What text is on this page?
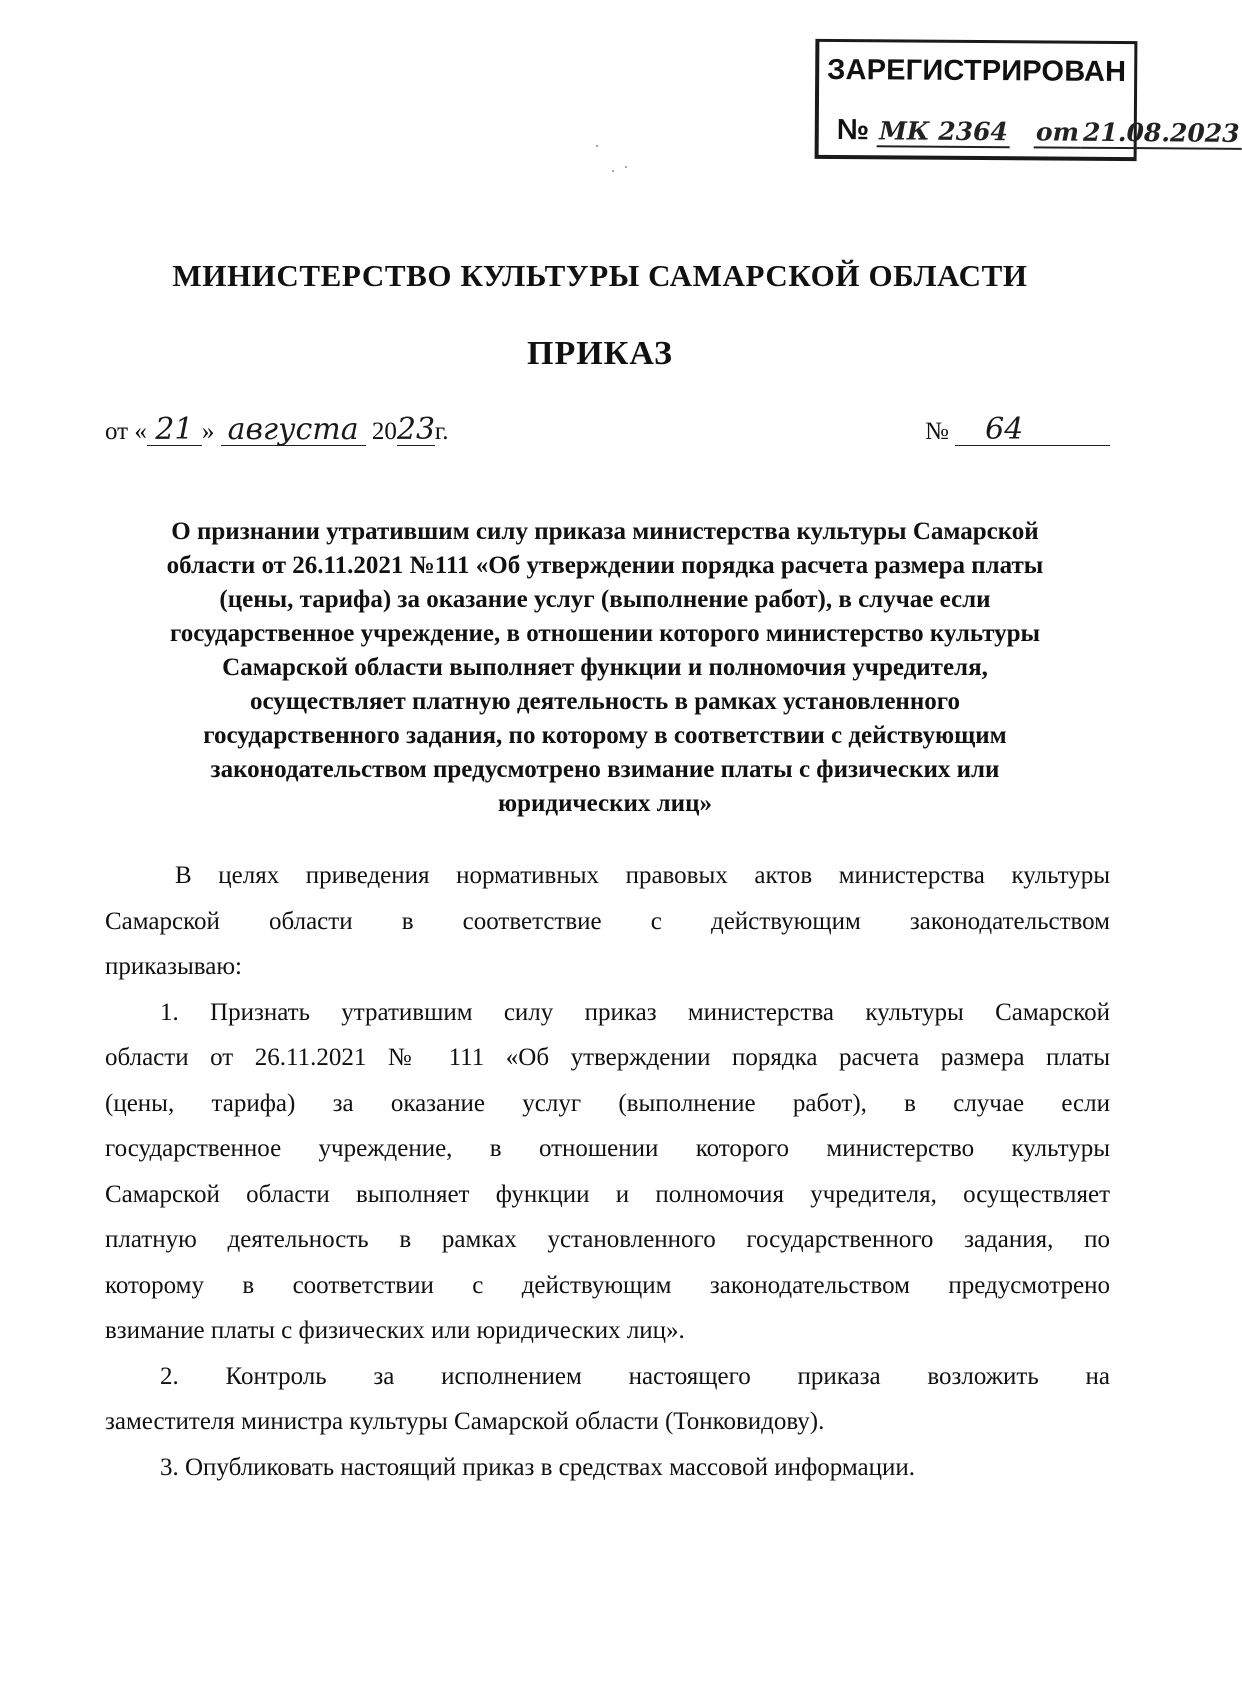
ЗАРЕГИСТРИРОВАН
№ МК 2364 от 21.08.2023
МИНИСТЕРСТВО КУЛЬТУРЫ САМАРСКОЙ ОБЛАСТИ
ПРИКАЗ
от « 21 » августа 2023г.	№ 64
О признании утратившим силу приказа министерства культуры Самарской
области от 26.11.2021 №111 «Об утверждении порядка расчета размера платы
(цены, тарифа) за оказание услуг (выполнение работ), в случае если
государственное учреждение, в отношении которого министерство культуры
Самарской области выполняет функции и полномочия учредителя,
осуществляет платную деятельность в рамках установленного
государственного задания, по которому в соответствии с действующим
законодательством предусмотрено взимание платы с физических или
юридических лиц»
В целях приведения нормативных правовых актов министерства культуры
Самарской области в соответствие с действующим законодательством
приказываю:
1. Признать утратившим силу приказ министерства культуры Самарской
области от 26.11.2021 № 111 «Об утверждении порядка расчета размера платы
(цены, тарифа) за оказание услуг (выполнение работ), в случае если
государственное учреждение, в отношении которого министерство культуры
Самарской области выполняет функции и полномочия учредителя, осуществляет
платную деятельность в рамках установленного государственного задания, по
которому в соответствии с действующим законодательством предусмотрено
взимание платы с физических или юридических лиц».
2. Контроль за исполнением настоящего приказа возложить на
заместителя министра культуры Самарской области (Тонковидову).
3. Опубликовать настоящий приказ в средствах массовой информации.
